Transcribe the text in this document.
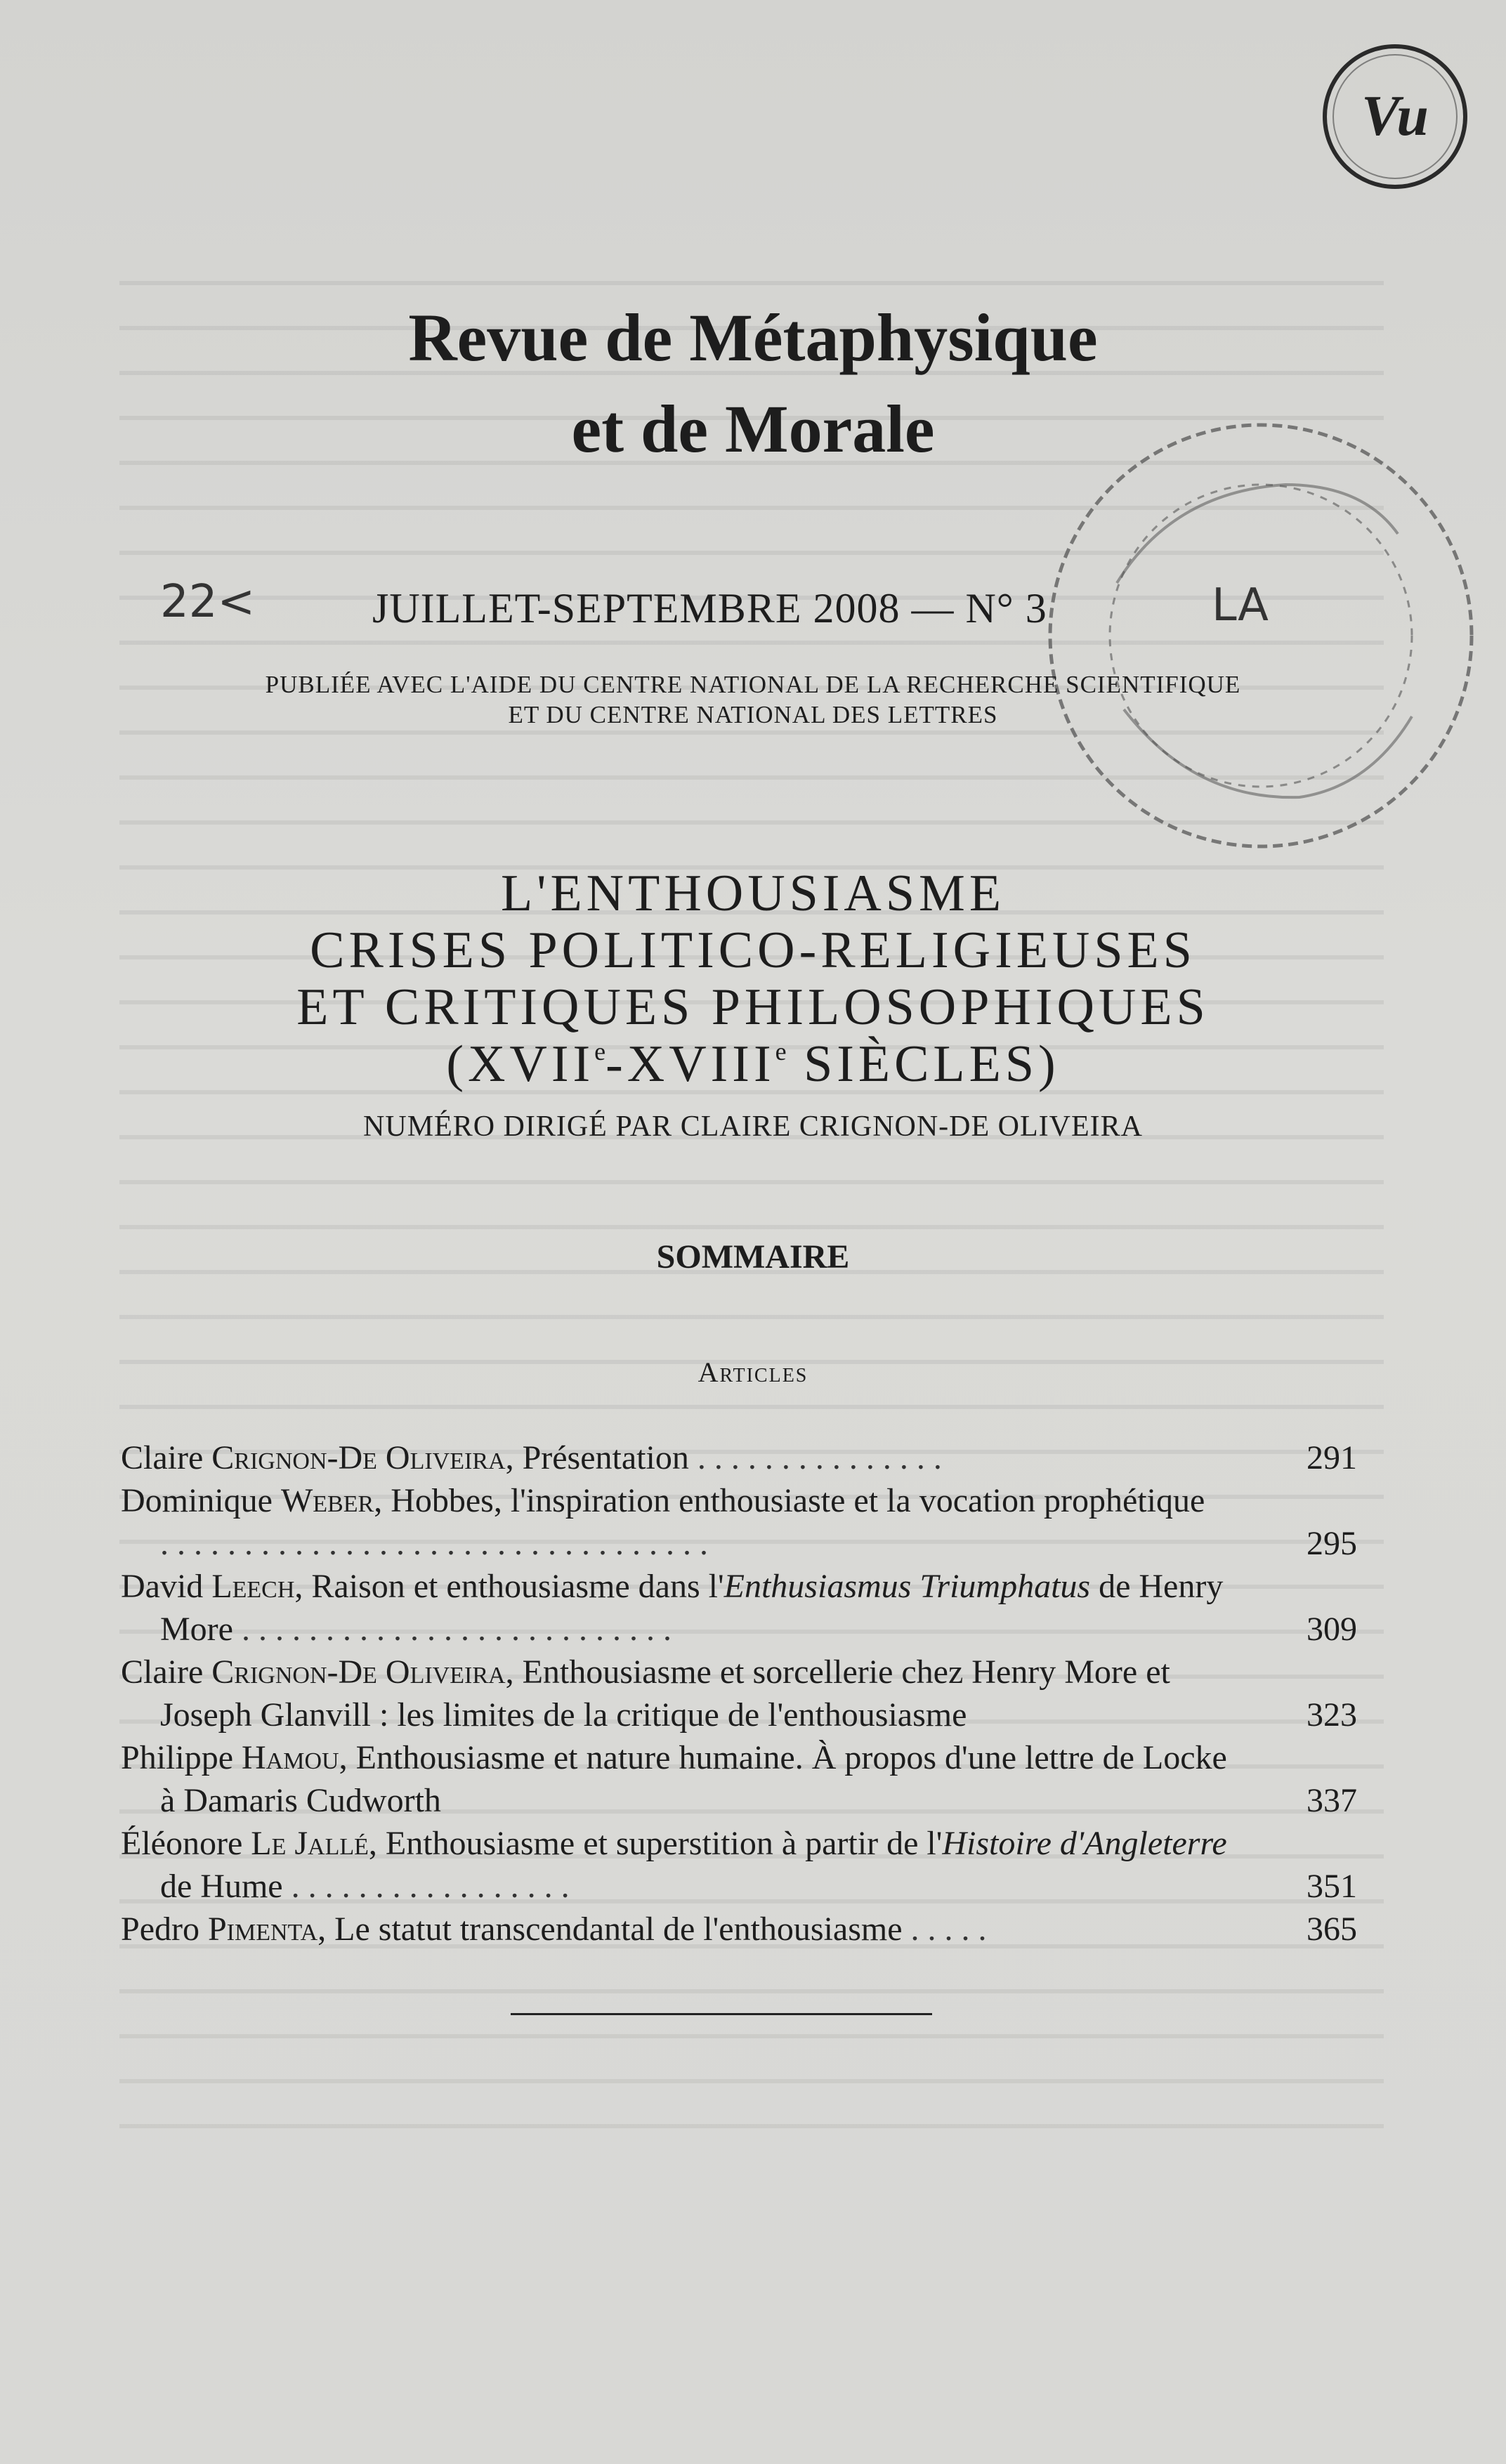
Vu
Revue de Métaphysique
et de Morale
22<	JUILLET-SEPTEMBRE 2008 — N° 3	LA
PUBLIÉE AVEC L'AIDE DU CENTRE NATIONAL DE LA RECHERCHE SCIENTIFIQUE
ET DU CENTRE NATIONAL DES LETTRES
L'ENTHOUSIASME
CRISES POLITICO-RELIGIEUSES
ET CRITIQUES PHILOSOPHIQUES
(XVIIe-XVIIIe SIÈCLES)
NUMÉRO DIRIGÉ PAR CLAIRE CRIGNON-DE OLIVEIRA
SOMMAIRE
Articles
Claire Crignon-De Oliveira, Présentation ...............	291
Dominique Weber, Hobbes, l'inspiration enthousiaste et la vocation prophétique .................................	295
David Leech, Raison et enthousiasme dans l'Enthusiasmus Triumphatus de Henry More ..........................	309
Claire Crignon-De Oliveira, Enthousiasme et sorcellerie chez Henry More et Joseph Glanvill : les limites de la critique de l'enthousiasme	323
Philippe Hamou, Enthousiasme et nature humaine. À propos d'une lettre de Locke à Damaris Cudworth	337
Éléonore Le Jallé, Enthousiasme et superstition à partir de l'Histoire d'Angleterre de Hume .................	351
Pedro Pimenta, Le statut transcendantal de l'enthousiasme .....	365
